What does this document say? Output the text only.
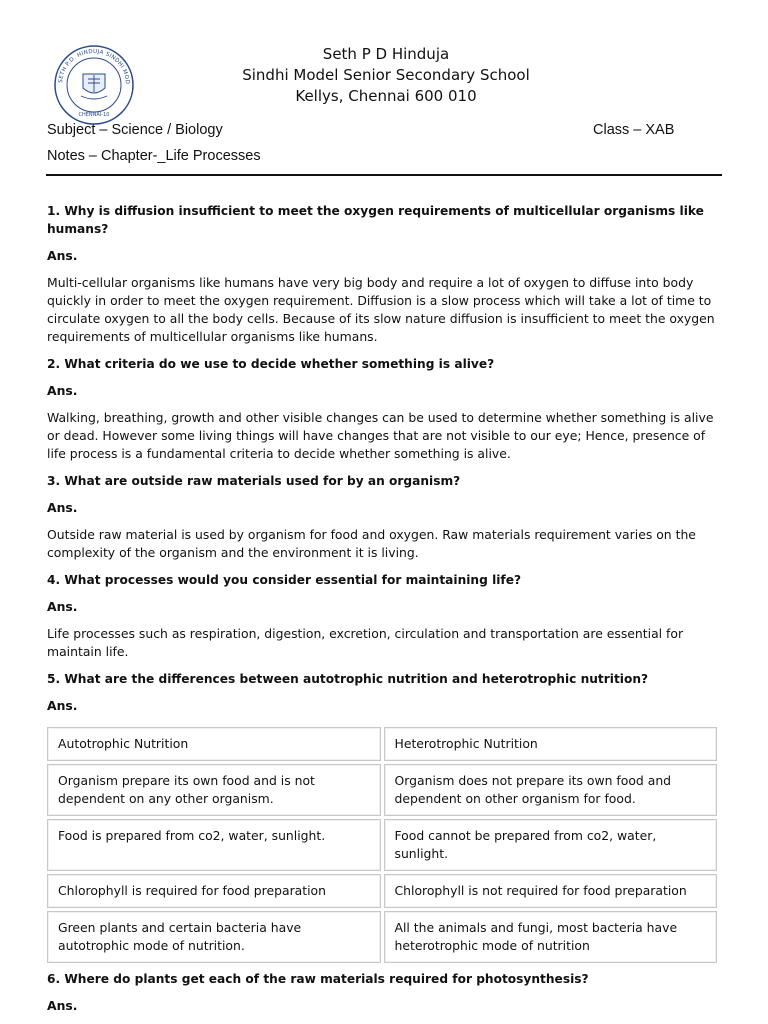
SETH P.D. HINDUJA SINDHI MOD
CHENNAI-10
Seth P D Hinduja
Sindhi Model Senior Secondary School
Kellys, Chennai 600 010
Subject – Science / Biology	Class – XAB
Notes – Chapter-_Life Processes

1. Why is diffusion insufficient to meet the oxygen requirements of multicellular organisms like humans?

Ans.

Multi-cellular organisms like humans have very big body and require a lot of oxygen to diffuse into body quickly in order to meet the oxygen requirement. Diffusion is a slow process which will take a lot of time to circulate oxygen to all the body cells. Because of its slow nature diffusion is insufficient to meet the oxygen requirements of multicellular organisms like humans.

2. What criteria do we use to decide whether something is alive?

Ans.

Walking, breathing, growth and other visible changes can be used to determine whether something is alive or dead. However some living things will have changes that are not visible to our eye; Hence, presence of life process is a fundamental criteria to decide whether something is alive.

3. What are outside raw materials used for by an organism?

Ans.

Outside raw material is used by organism for food and oxygen. Raw materials requirement varies on the complexity of the organism and the environment it is living.

4. What processes would you consider essential for maintaining life?

Ans.

Life processes such as respiration, digestion, excretion, circulation and transportation are essential for maintain life.

5. What are the differences between autotrophic nutrition and heterotrophic nutrition?

Ans.

Autotrophic Nutrition	Heterotrophic Nutrition
Organism prepare its own food and is not dependent on any other organism.	Organism does not prepare its own food and dependent on other organism for food.
Food is prepared from co2, water, sunlight.	Food cannot be prepared from co2, water, sunlight.
Chlorophyll is required for food preparation	Chlorophyll is not required for food preparation
Green plants and certain bacteria have autotrophic mode of nutrition.	All the animals and fungi, most bacteria have heterotrophic mode of nutrition

6. Where do plants get each of the raw materials required for photosynthesis?

Ans.
